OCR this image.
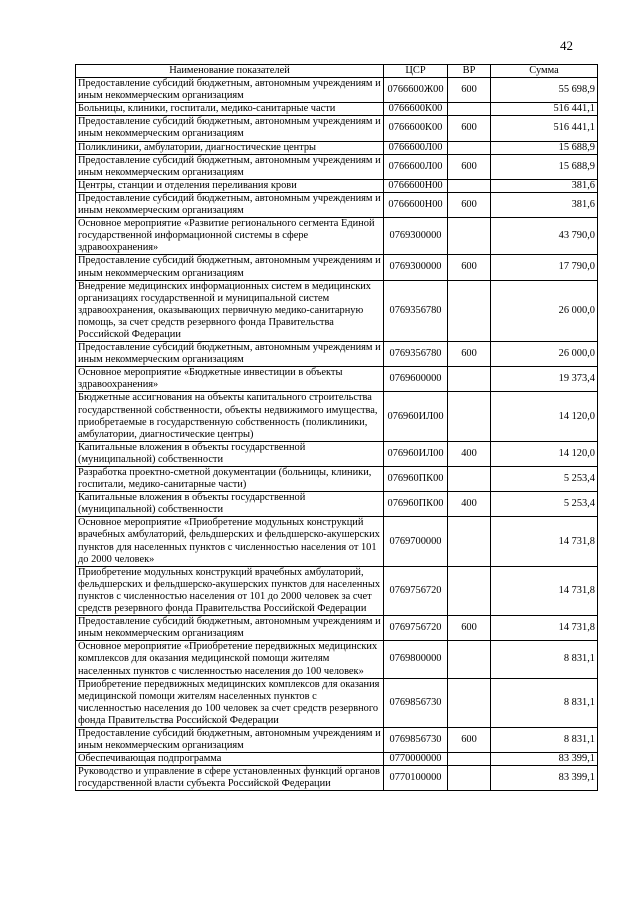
42
Наименование показателей	ЦСР	ВР	Сумма
Предоставление субсидий бюджетным, автономным учреждениям и иным некоммерческим организациям	0766600Ж00	600	55 698,9
Больницы, клиники, госпитали, медико-санитарные части	0766600К00		516 441,1
Предоставление субсидий бюджетным, автономным учреждениям и иным некоммерческим организациям	0766600К00	600	516 441,1
Поликлиники, амбулатории, диагностические центры	0766600Л00		15 688,9
Предоставление субсидий бюджетным, автономным учреждениям и иным некоммерческим организациям	0766600Л00	600	15 688,9
Центры, станции и отделения переливания крови	0766600Н00		381,6
Предоставление субсидий бюджетным, автономным учреждениям и иным некоммерческим организациям	0766600Н00	600	381,6
Основное мероприятие «Развитие регионального сегмента Единой государственной информационной системы в сфере здравоохранения»	0769300000		43 790,0
Предоставление субсидий бюджетным, автономным учреждениям и иным некоммерческим организациям	0769300000	600	17 790,0
Внедрение медицинских информационных систем в медицинских организациях государственной и муниципальной систем здравоохранения, оказывающих первичную медико-санитарную помощь, за счет средств резервного фонда Правительства Российской Федерации	0769356780		26 000,0
Предоставление субсидий бюджетным, автономным учреждениям и иным некоммерческим организациям	0769356780	600	26 000,0
Основное мероприятие «Бюджетные инвестиции в объекты здравоохранения»	0769600000		19 373,4
Бюджетные ассигнования на объекты капитального строительства государственной собственности, объекты недвижимого имущества, приобретаемые в государственную собственность (поликлиники, амбулатории, диагностические центры)	076960ИЛ00		14 120,0
Капитальные вложения в объекты государственной (муниципальной) собственности	076960ИЛ00	400	14 120,0
Разработка проектно-сметной документации (больницы, клиники, госпитали, медико-санитарные части)	076960ПК00		5 253,4
Капитальные вложения в объекты государственной (муниципальной) собственности	076960ПК00	400	5 253,4
Основное мероприятие «Приобретение модульных конструкций врачебных амбулаторий, фельдшерских и фельдшерско-акушерских пунктов для населенных пунктов с численностью населения от 101 до 2000 человек»	0769700000		14 731,8
Приобретение модульных конструкций врачебных амбулаторий, фельдшерских и фельдшерско-акушерских пунктов для населенных пунктов с численностью населения от 101 до 2000 человек за счет средств резервного фонда Правительства Российской Федерации	0769756720		14 731,8
Предоставление субсидий бюджетным, автономным учреждениям и иным некоммерческим организациям	0769756720	600	14 731,8
Основное мероприятие «Приобретение передвижных медицинских комплексов для оказания медицинской помощи жителям населенных пунктов с численностью населения до 100 человек»	0769800000		8 831,1
Приобретение передвижных медицинских комплексов для оказания медицинской помощи жителям населенных пунктов с численностью населения до 100 человек за счет средств резервного фонда Правительства Российской Федерации	0769856730		8 831,1
Предоставление субсидий бюджетным, автономным учреждениям и иным некоммерческим организациям	0769856730	600	8 831,1
Обеспечивающая подпрограмма	0770000000		83 399,1
Руководство и управление в сфере установленных функций органов государственной власти субъекта Российской Федерации	0770100000		83 399,1
